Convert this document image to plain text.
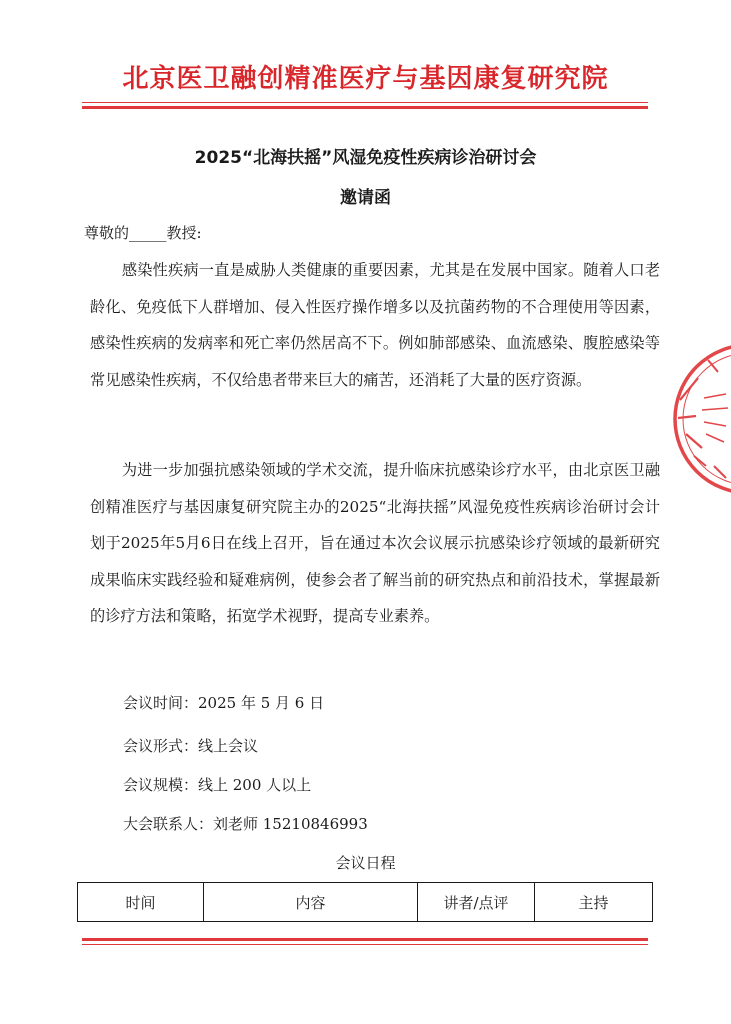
北京医卫融创精准医疗与基因康复研究院
2025“北海扶摇”风湿免疫性疾病诊治研讨会
邀请函
尊敬的_____教授:

感染性疾病一直是威胁人类健康的重要因素，尤其是在发展中国家。随着人口老龄化、免疫低下人群增加、侵入性医疗操作增多以及抗菌药物的不合理使用等因素，感染性疾病的发病率和死亡率仍然居高不下。例如肺部感染、血流感染、腹腔感染等常见感染性疾病，不仅给患者带来巨大的痛苦，还消耗了大量的医疗资源。

为进一步加强抗感染领域的学术交流，提升临床抗感染诊疗水平，由北京医卫融创精准医疗与基因康复研究院主办的2025“北海扶摇”风湿免疫性疾病诊治研讨会计划于2025年5月6日在线上召开，旨在通过本次会议展示抗感染诊疗领域的最新研究成果临床实践经验和疑难病例，使参会者了解当前的研究热点和前沿技术，掌握最新的诊疗方法和策略，拓宽学术视野，提高专业素养。

会议时间：2025 年 5 月 6 日
会议形式：线上会议
会议规模：线上 200 人以上
大会联系人：刘老师 15210846993
会议日程
时间	内容	讲者/点评	主持
